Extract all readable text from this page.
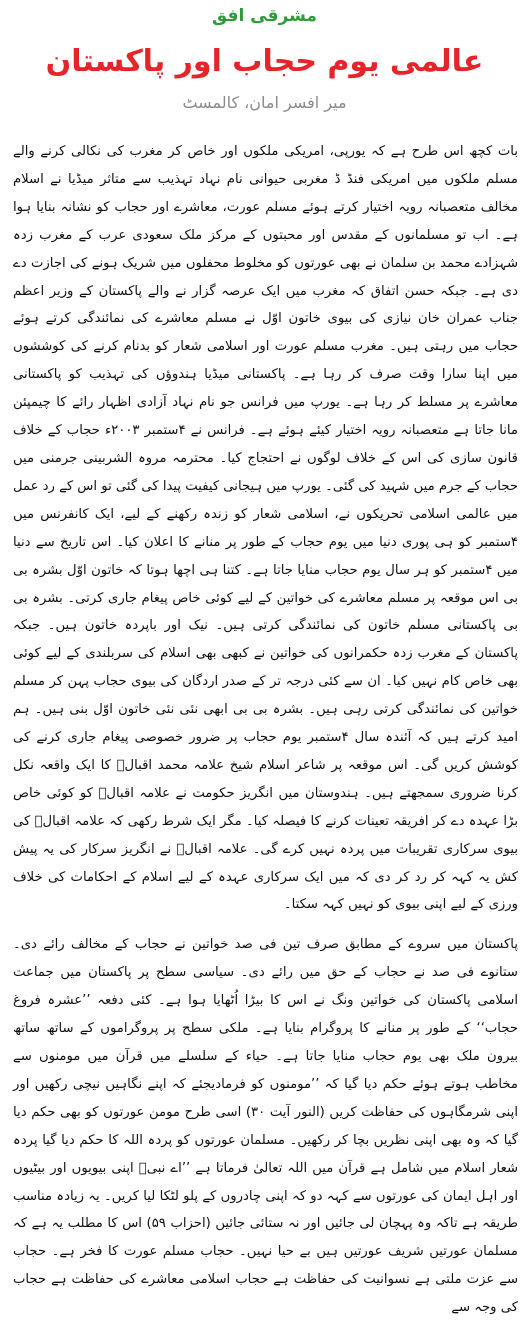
مشرقی افق
عالمی یوم حجاب اور پاکستان
میر افسر امان، کالمسٹ

بات کچھ اس طرح ہے کہ یورپی، امریکی ملکوں اور خاص کر مغرب کی نکالی کرنے والے مسلم ملکوں میں امریکی فنڈ ڈ مغربی حیوانی نام نہاد تہذیب سے متاثر میڈیا نے اسلام مخالف متعصبانہ رویہ اختیار کرتے ہوئے مسلم عورت، معاشرے اور حجاب کو نشانہ بنایا ہوا ہے۔ اب تو مسلمانوں کے مقدس اور محبتوں کے مرکز ملک سعودی عرب کے مغرب زدہ شہزادے محمد بن سلمان نے بھی عورتوں کو مخلوط محفلوں میں شریک ہونے کی اجازت دے دی ہے۔ جبکہ حسن اتفاق کہ مغرب میں ایک عرصہ گزار نے والے پاکستان کے وزیر اعظم جناب عمران خان نیازی کی بیوی خاتون اوّل نے مسلم معاشرے کی نمائندگی کرتے ہوئے حجاب میں رہتی ہیں۔ مغرب مسلم عورت اور اسلامی شعار کو بدنام کرنے کی کوششوں میں اپنا سارا وقت صرف کر رہا ہے۔ پاکستانی میڈیا ہندوؤں کی تہذیب کو پاکستانی معاشرے پر مسلط کر رہا ہے۔ یورپ میں فرانس جو نام نہاد آزادی اظہار رائے کا چیمپئن مانا جاتا ہے متعصبانہ رویہ اختیار کیئے ہوئے ہے۔ فرانس نے ۴ستمبر ۲۰۰۳ء حجاب کے خلاف قانون سازی کی اس کے خلاف لوگوں نے احتجاج کیا۔ محترمہ مروہ الشربینی جرمنی میں حجاب کے جرم میں شہید کی گئی۔ یورپ میں ہیجانی کیفیت پیدا کی گئی تو اس کے رد عمل میں عالمی اسلامی تحریکوں نے، اسلامی شعار کو زندہ رکھنے کے لیے، ایک کانفرنس میں ۴ستمبر کو ہی پوری دنیا میں یوم حجاب کے طور پر منانے کا اعلان کیا۔ اس تاریخ سے دنیا میں ۴ستمبر کو ہر سال یوم حجاب منایا جاتا ہے۔ کتنا ہی اچھا ہوتا کہ خاتون اوّل بشرہ بی بی اس موقعہ پر مسلم معاشرے کی خواتین کے لیے کوئی خاص پیغام جاری کرتی۔ بشرہ بی بی پاکستانی مسلم خاتون کی نمائندگی کرتی ہیں۔ نیک اور باپردہ خاتون ہیں۔ جبکہ پاکستان کے مغرب زدہ حکمرانوں کی خواتین نے کبھی بھی اسلام کی سربلندی کے لیے کوئی بھی خاص کام نہیں کیا۔ ان سے کئی درجہ تر کے صدر اردگان کی بیوی حجاب پہن کر مسلم خواتین کی نمائندگی کرتی رہی ہیں۔ بشرہ بی بی ابھی نئی نئی خاتون اوّل بنی ہیں۔ ہم امید کرتے ہیں کہ آئندہ سال ۴ستمبر یوم حجاب پر ضرور خصوصی پیغام جاری کرنے کی کوشش کریں گی۔ اس موقعہ پر شاعر اسلام شیخ علامہ محمد اقبالؒ کا ایک واقعہ نکل کرنا ضروری سمجھتے ہیں۔ ہندوستان میں انگریز حکومت نے علامہ اقبالؒ کو کوئی خاص بڑا عہدہ دے کر افریقہ تعینات کرنے کا فیصلہ کیا۔ مگر ایک شرط رکھی کہ علامہ اقبالؒ کی بیوی سرکاری تقریبات میں پردہ نہیں کرے گی۔ علامہ اقبالؒ نے انگریز سرکار کی یہ پیش کش یہ کہہ کر رد کر دی کہ میں ایک سرکاری عہدہ کے لیے اسلام کے احکامات کی خلاف ورزی کے لیے اپنی بیوی کو نہیں کہہ سکتا۔

پاکستان میں سروے کے مطابق صرف تین فی صد خواتین نے حجاب کے مخالف رائے دی۔ ستانوے فی صد نے حجاب کے حق میں رائے دی۔ سیاسی سطح پر پاکستان میں جماعت اسلامی پاکستان کی خواتین ونگ نے اس کا بیڑا اُٹھایا ہوا ہے۔ کئی دفعہ ’’عشرہ فروغ حجاب‘‘ کے طور پر منانے کا پروگرام بنایا ہے۔ ملکی سطح پر پروگراموں کے ساتھ ساتھ بیرون ملک بھی یوم حجاب منایا جاتا ہے۔ حیاء کے سلسلے میں قرآن میں مومنوں سے مخاطب ہوتے ہوئے حکم دیا گیا کہ ’’مومنوں کو فرمادیجئے کہ اپنے نگاہیں نیچی رکھیں اور اپنی شرمگاہوں کی حفاظت کریں (النور آیت ۳۰) اسی طرح مومن عورتوں کو بھی حکم دیا گیا کہ وہ بھی اپنی نظریں بچا کر رکھیں۔ مسلمان عورتوں کو پردہ اللہ کا حکم دیا گیا پردہ شعار اسلام میں شامل ہے قرآن میں اللہ تعالیٰ فرماتا ہے ’’اے نبیؐ اپنی بیویوں اور بیٹیوں اور اہل ایمان کی عورتوں سے کہہ دو کہ اپنی چادروں کے پلو لٹکا لیا کریں۔ یہ زیادہ مناسب طریقہ ہے تاکہ وہ پہچان لی جائیں اور نہ ستائی جائیں (احزاب ۵۹) اس کا مطلب یہ ہے کہ مسلمان عورتیں شریف عورتیں ہیں بے حیا نہیں۔ حجاب مسلم عورت کا فخر ہے۔ حجاب سے عزت ملتی ہے نسوانیت کی حفاظت ہے حجاب اسلامی معاشرے کی حفاظت ہے حجاب کی وجہ سے
